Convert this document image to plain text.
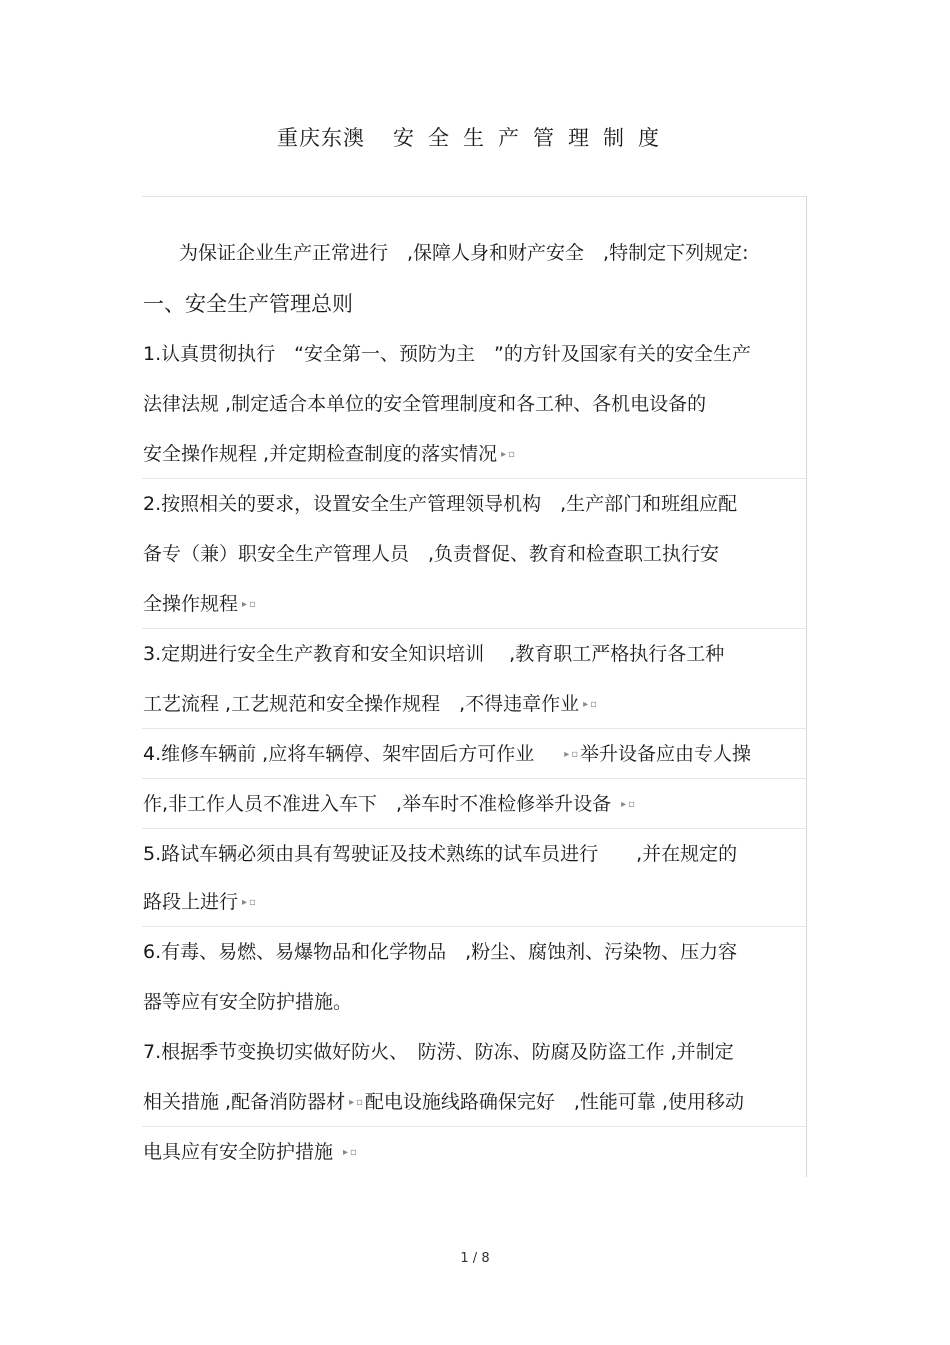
重庆东澳 安全生产管理制度
为保证企业生产正常进行　,保障人身和财产安全　,特制定下列规定:
一、安全生产管理总则
1.认真贯彻执行　“安全第一、预防为主　”的方针及国家有关的安全生产
法律法规 ,制定适合本单位的安全管理制度和各工种、各机电设备的
安全操作规程 ,并定期检查制度的落实情况 ▸▫
2.按照相关的要求，设置安全生产管理领导机构　,生产部门和班组应配
备专（兼）职安全生产管理人员　,负责督促、教育和检查职工执行安
全操作规程 ▸▫
3.定期进行安全生产教育和安全知识培训　 ,教育职工严格执行各工种
工艺流程 ,工艺规范和安全操作规程　,不得违章作业 ▸▫
4.维修车辆前 ,应将车辆停、架牢固后方可作业	▸▫举升设备应由专人操
作,非工作人员不准进入车下　,举车时不准检修举升设备 ▸▫
5.路试车辆必须由具有驾驶证及技术熟练的试车员进行　　,并在规定的
路段上进行 ▸▫
6.有毒、易燃、易爆物品和化学物品　,粉尘、腐蚀剂、污染物、压力容
器等应有安全防护措施。
7.根据季节变换切实做好防火、　防涝、防冻、防腐及防盗工作 ,并制定
相关措施 ,配备消防器材 ▸▫配电设施线路确保完好　,性能可靠 ,使用移动
电具应有安全防护措施 ▸▫
1 / 8
